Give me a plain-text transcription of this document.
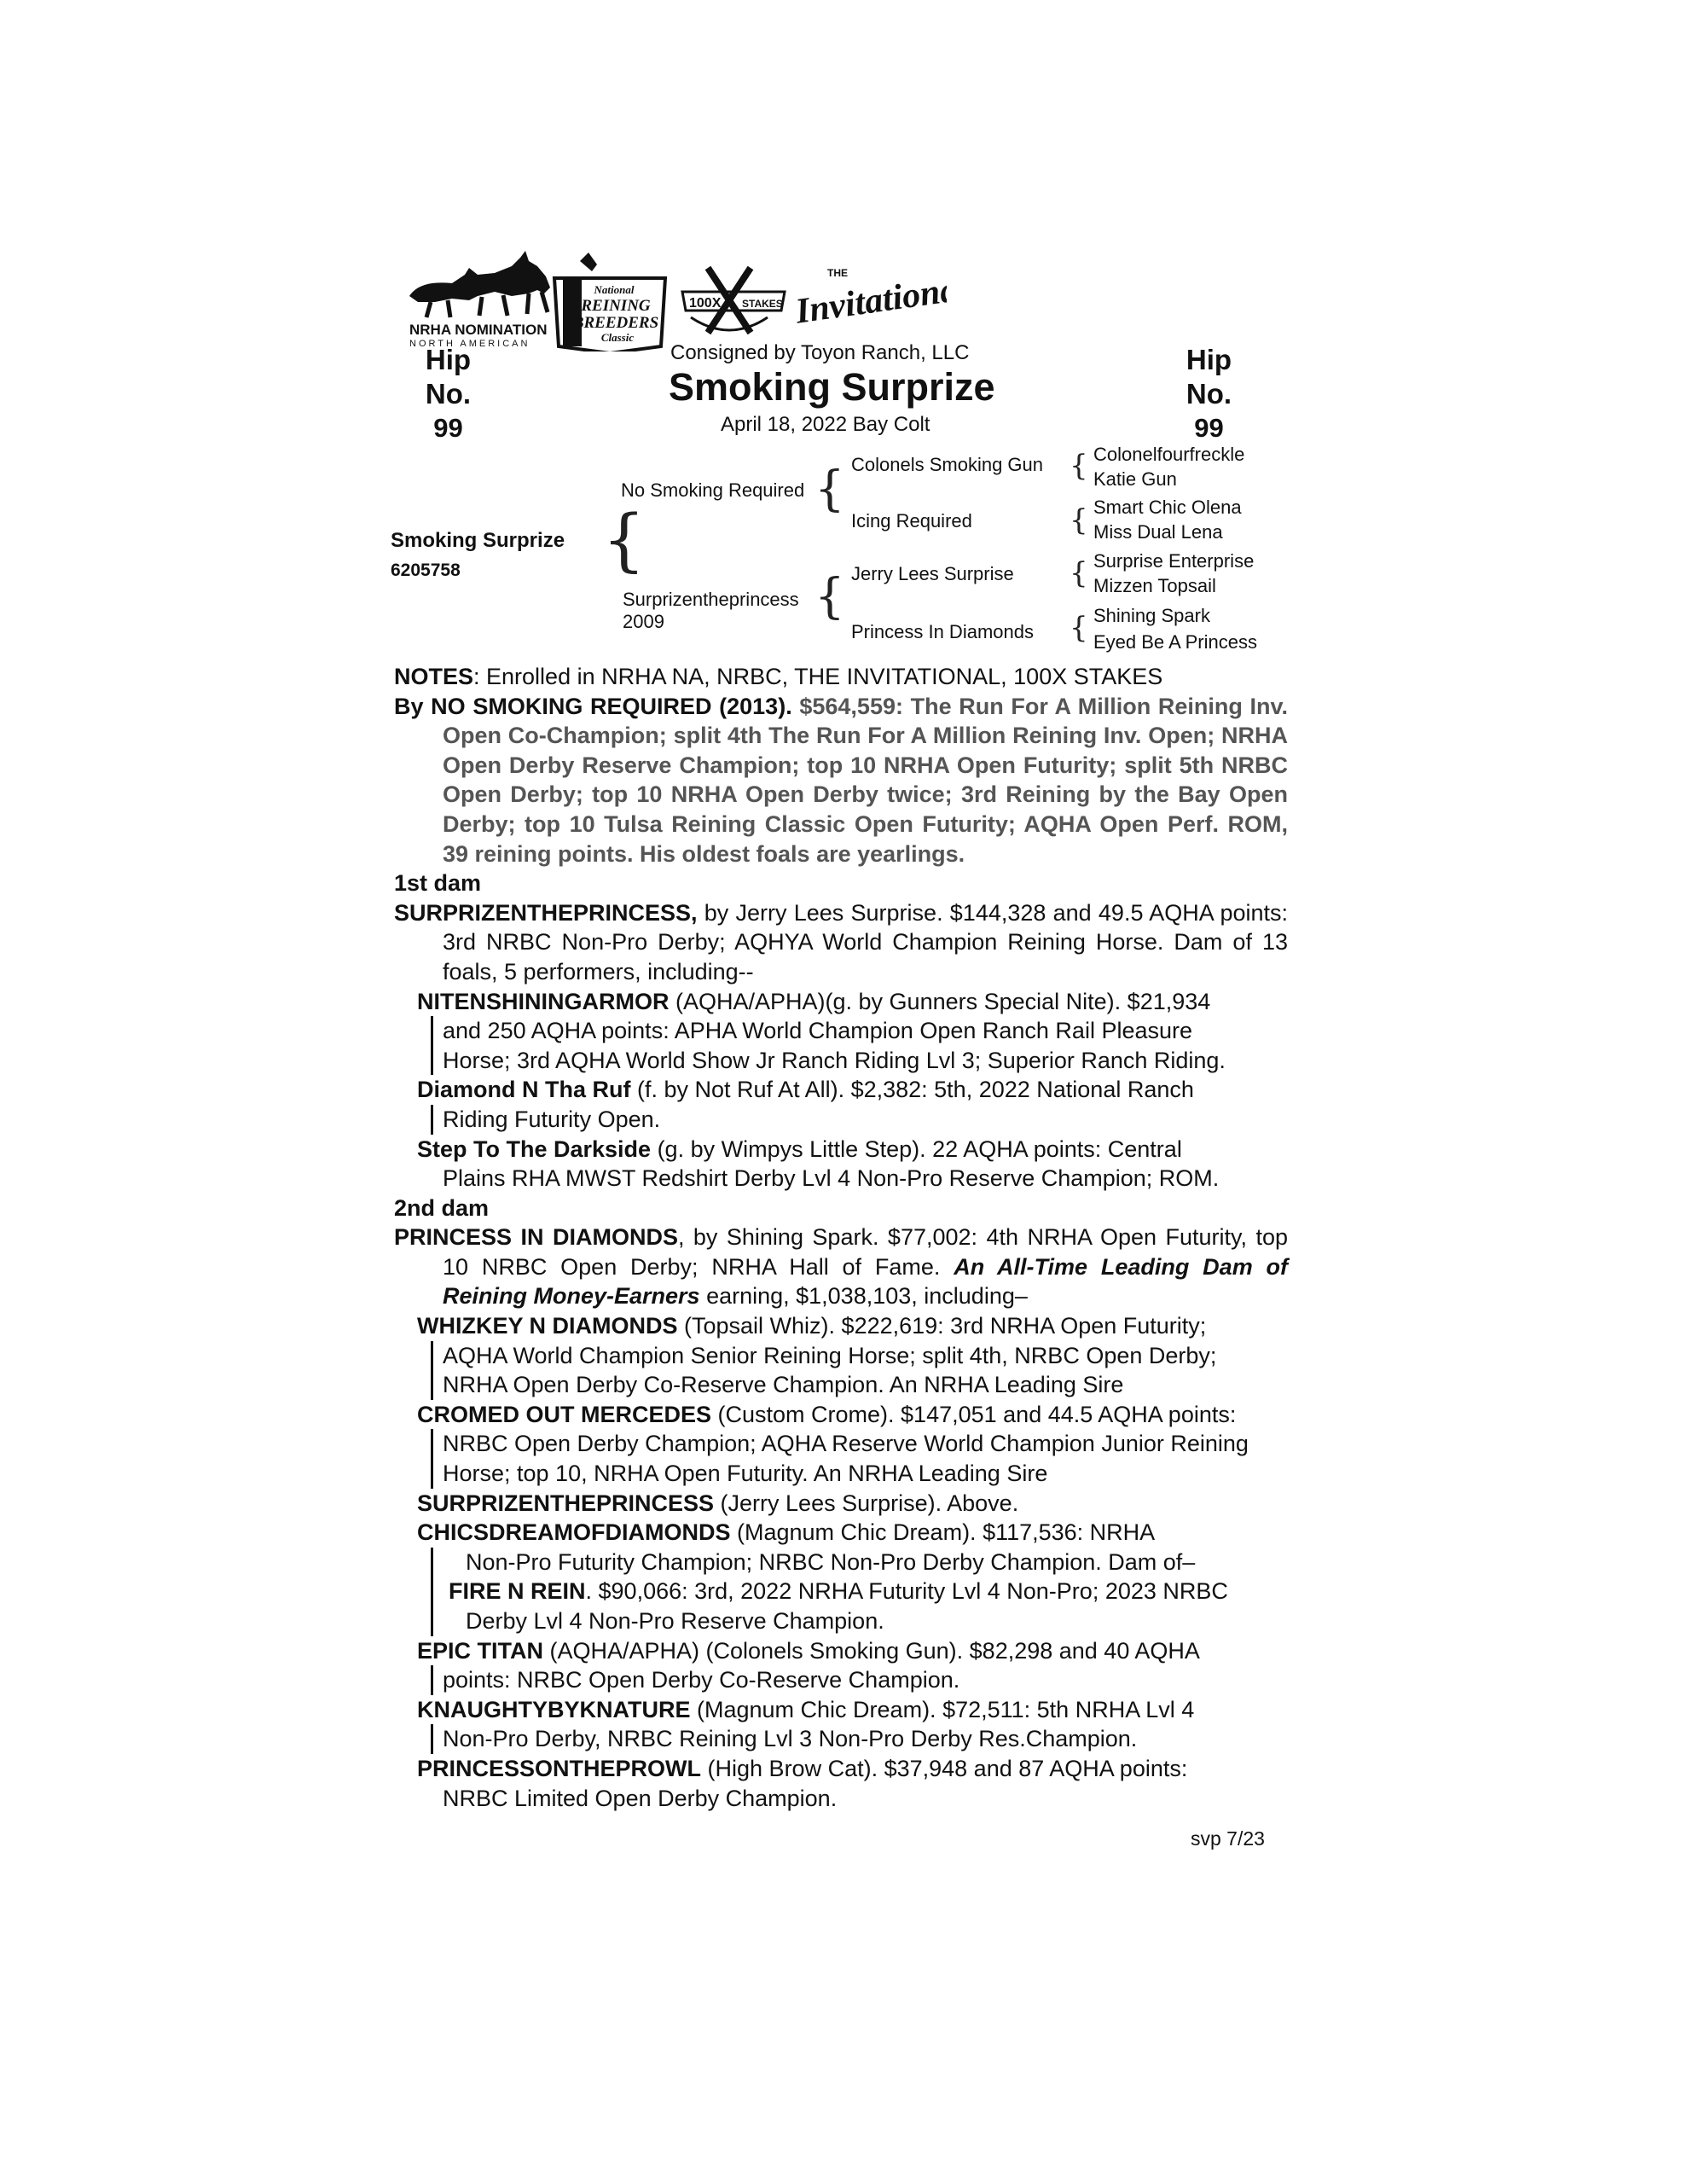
NRHA NOMINATION
NORTH AMERICAN
National
REINING
BREEDERS
Classic
100X STAKES
THE
Invitational
Hip No.
99
Hip No.
99
Consigned by Toyon Ranch, LLC
Smoking Surprize
April 18, 2022 Bay Colt
Smoking Surprize
6205758 {
No Smoking Required
Surprizentheprincess
2009
{
{
Colonels Smoking Gun
Icing Required
Jerry Lees Surprise
Princess In Diamonds
{
{
{
{
Colonelfourfreckle
Katie Gun
Smart Chic Olena
Miss Dual Lena
Surprise Enterprise
Mizzen Topsail
Shining Spark
Eyed Be A Princess

NOTES: Enrolled in NRHA NA, NRBC, THE INVITATIONAL, 100X STAKES

By NO SMOKING REQUIRED (2013). $564,559: The Run For A Million Reining Inv. Open Co-Champion; split 4th The Run For A Million Reining Inv. Open; NRHA Open Derby Reserve Champion; top 10 NRHA Open Futurity; split 5th NRBC Open Derby; top 10 NRHA Open Derby twice; 3rd Reining by the Bay Open Derby; top 10 Tulsa Reining Classic Open Futurity; AQHA Open Perf. ROM, 39 reining points. His oldest foals are yearlings.

1st dam

SURPRIZENTHEPRINCESS, by Jerry Lees Surprise. $144,328 and 49.5 AQHA points: 3rd NRBC Non-Pro Derby; AQHYA World Champion Reining Horse. Dam of 13 foals, 5 performers, including--

NITENSHININGARMOR (AQHA/APHA)(g. by Gunners Special Nite). $21,934

and 250 AQHA points: APHA World Champion Open Ranch Rail Pleasure

Horse; 3rd AQHA World Show Jr Ranch Riding Lvl 3; Superior Ranch Riding.

Diamond N Tha Ruf (f. by Not Ruf At All). $2,382: 5th, 2022 National Ranch

Riding Futurity Open.

Step To The Darkside (g. by Wimpys Little Step). 22 AQHA points: Central

Plains RHA MWST Redshirt Derby Lvl 4 Non-Pro Reserve Champion; ROM.

2nd dam

PRINCESS IN DIAMONDS, by Shining Spark. $77,002: 4th NRHA Open Futurity, top 10 NRBC Open Derby; NRHA Hall of Fame. An All-Time Leading Dam of Reining Money-Earners earning, $1,038,103, including–

WHIZKEY N DIAMONDS (Topsail Whiz). $222,619: 3rd NRHA Open Futurity;

AQHA World Champion Senior Reining Horse; split 4th, NRBC Open Derby;

NRHA Open Derby Co-Reserve Champion. An NRHA Leading Sire

CROMED OUT MERCEDES (Custom Crome). $147,051 and 44.5 AQHA points:

NRBC Open Derby Champion; AQHA Reserve World Champion Junior Reining

Horse; top 10, NRHA Open Futurity. An NRHA Leading Sire

SURPRIZENTHEPRINCESS (Jerry Lees Surprise). Above.

CHICSDREAMOFDIAMONDS (Magnum Chic Dream). $117,536: NRHA

Non-Pro Futurity Champion; NRBC Non-Pro Derby Champion. Dam of–

FIRE N REIN. $90,066: 3rd, 2022 NRHA Futurity Lvl 4 Non-Pro; 2023 NRBC

Derby Lvl 4 Non-Pro Reserve Champion.

EPIC TITAN (AQHA/APHA) (Colonels Smoking Gun). $82,298 and 40 AQHA

points: NRBC Open Derby Co-Reserve Champion.

KNAUGHTYBYKNATURE (Magnum Chic Dream). $72,511: 5th NRHA Lvl 4

Non-Pro Derby, NRBC Reining Lvl 3 Non-Pro Derby Res.Champion.

PRINCESSONTHEPROWL (High Brow Cat). $37,948 and 87 AQHA points:

NRBC Limited Open Derby Champion.

svp 7/23
